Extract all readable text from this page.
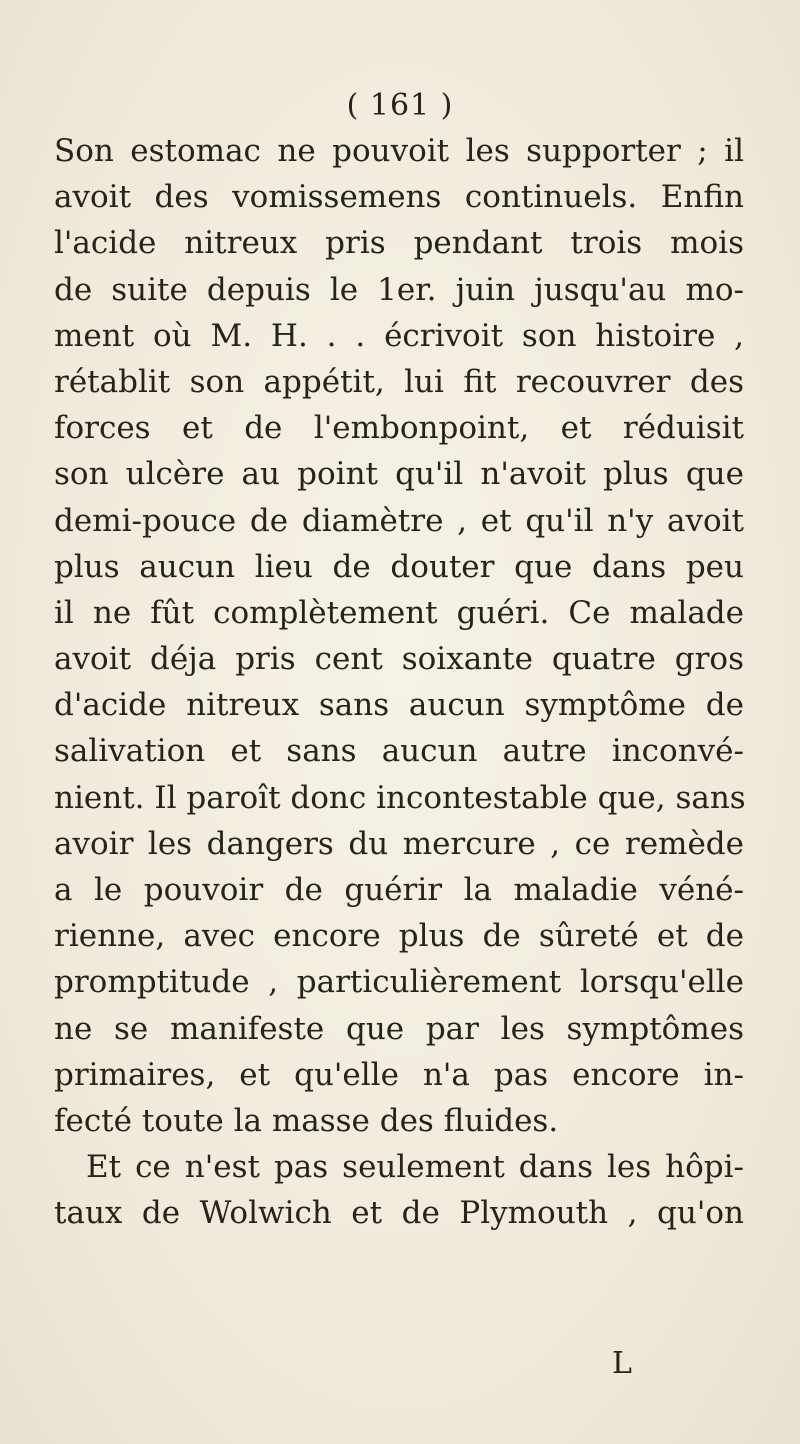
( 161 )
Son estomac ne pouvoit les supporter ; il
avoit des vomissemens continuels. Enfin
l'acide nitreux pris pendant trois mois
de suite depuis le 1er. juin jusqu'au mo-
ment où M. H. . . écrivoit son histoire ,
rétablit son appétit, lui fit recouvrer des
forces et de l'embonpoint, et réduisit
son ulcère au point qu'il n'avoit plus que
demi-pouce de diamètre , et qu'il n'y avoit
plus aucun lieu de douter que dans peu
il ne fût complètement guéri. Ce malade
avoit déja pris cent soixante quatre gros
d'acide nitreux sans aucun symptôme de
salivation et sans aucun autre inconvé-
nient. Il paroît donc incontestable que, sans
avoir les dangers du mercure , ce remède
a le pouvoir de guérir la maladie véné-
rienne, avec encore plus de sûreté et de
promptitude , particulièrement lorsqu'elle
ne se manifeste que par les symptômes
primaires, et qu'elle n'a pas encore in-
fecté toute la masse des fluides.
Et ce n'est pas seulement dans les hôpi-
taux de Wolwich et de Plymouth , qu'on
L
